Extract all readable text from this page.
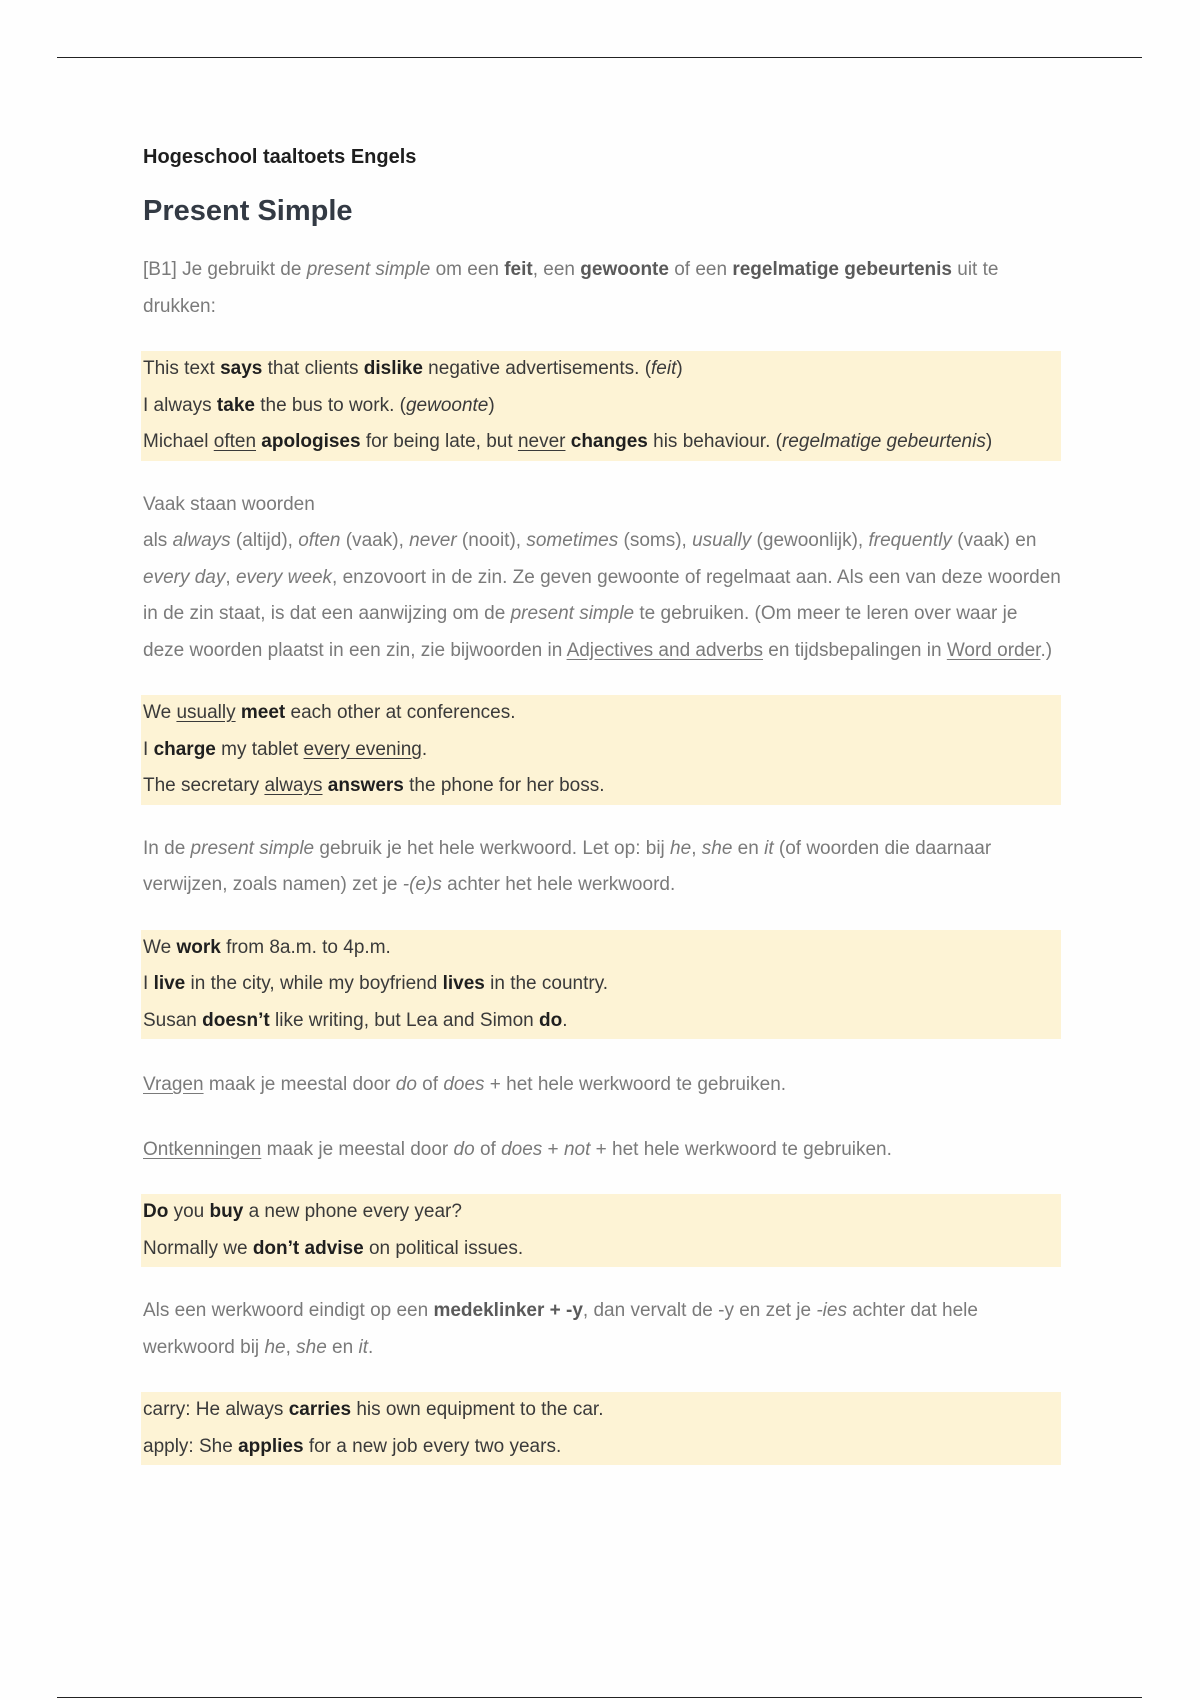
Hogeschool taaltoets Engels

Present Simple

[B1] Je gebruikt de present simple om een feit, een gewoonte of een regelmatige gebeurtenis uit te drukken:

This text says that clients dislike negative advertisements. (feit)

I always take the bus to work. (gewoonte)

Michael often apologises for being late, but never changes his behaviour. (regelmatige gebeurtenis)

Vaak staan woorden

als always (altijd), often (vaak), never (nooit), sometimes (soms), usually (gewoonlijk), frequently (vaak) en every day, every week, enzovoort in de zin. Ze geven gewoonte of regelmaat aan. Als een van deze woorden in de zin staat, is dat een aanwijzing om de present simple te gebruiken. (Om meer te leren over waar je deze woorden plaatst in een zin, zie bijwoorden in Adjectives and adverbs en tijdsbepalingen in Word order.)

We usually meet each other at conferences.

I charge my tablet every evening.

The secretary always answers the phone for her boss.

In de present simple gebruik je het hele werkwoord. Let op: bij he, she en it (of woorden die daarnaar verwijzen, zoals namen) zet je -(e)s achter het hele werkwoord.

We work from 8a.m. to 4p.m.

I live in the city, while my boyfriend lives in the country.

Susan doesn’t like writing, but Lea and Simon do.

Vragen maak je meestal door do of does + het hele werkwoord te gebruiken.

Ontkenningen maak je meestal door do of does + not + het hele werkwoord te gebruiken.

Do you buy a new phone every year?

Normally we don’t advise on political issues.

Als een werkwoord eindigt op een medeklinker + -y, dan vervalt de -y en zet je -ies achter dat hele werkwoord bij he, she en it.

carry: He always carries his own equipment to the car.

apply: She applies for a new job every two years.
